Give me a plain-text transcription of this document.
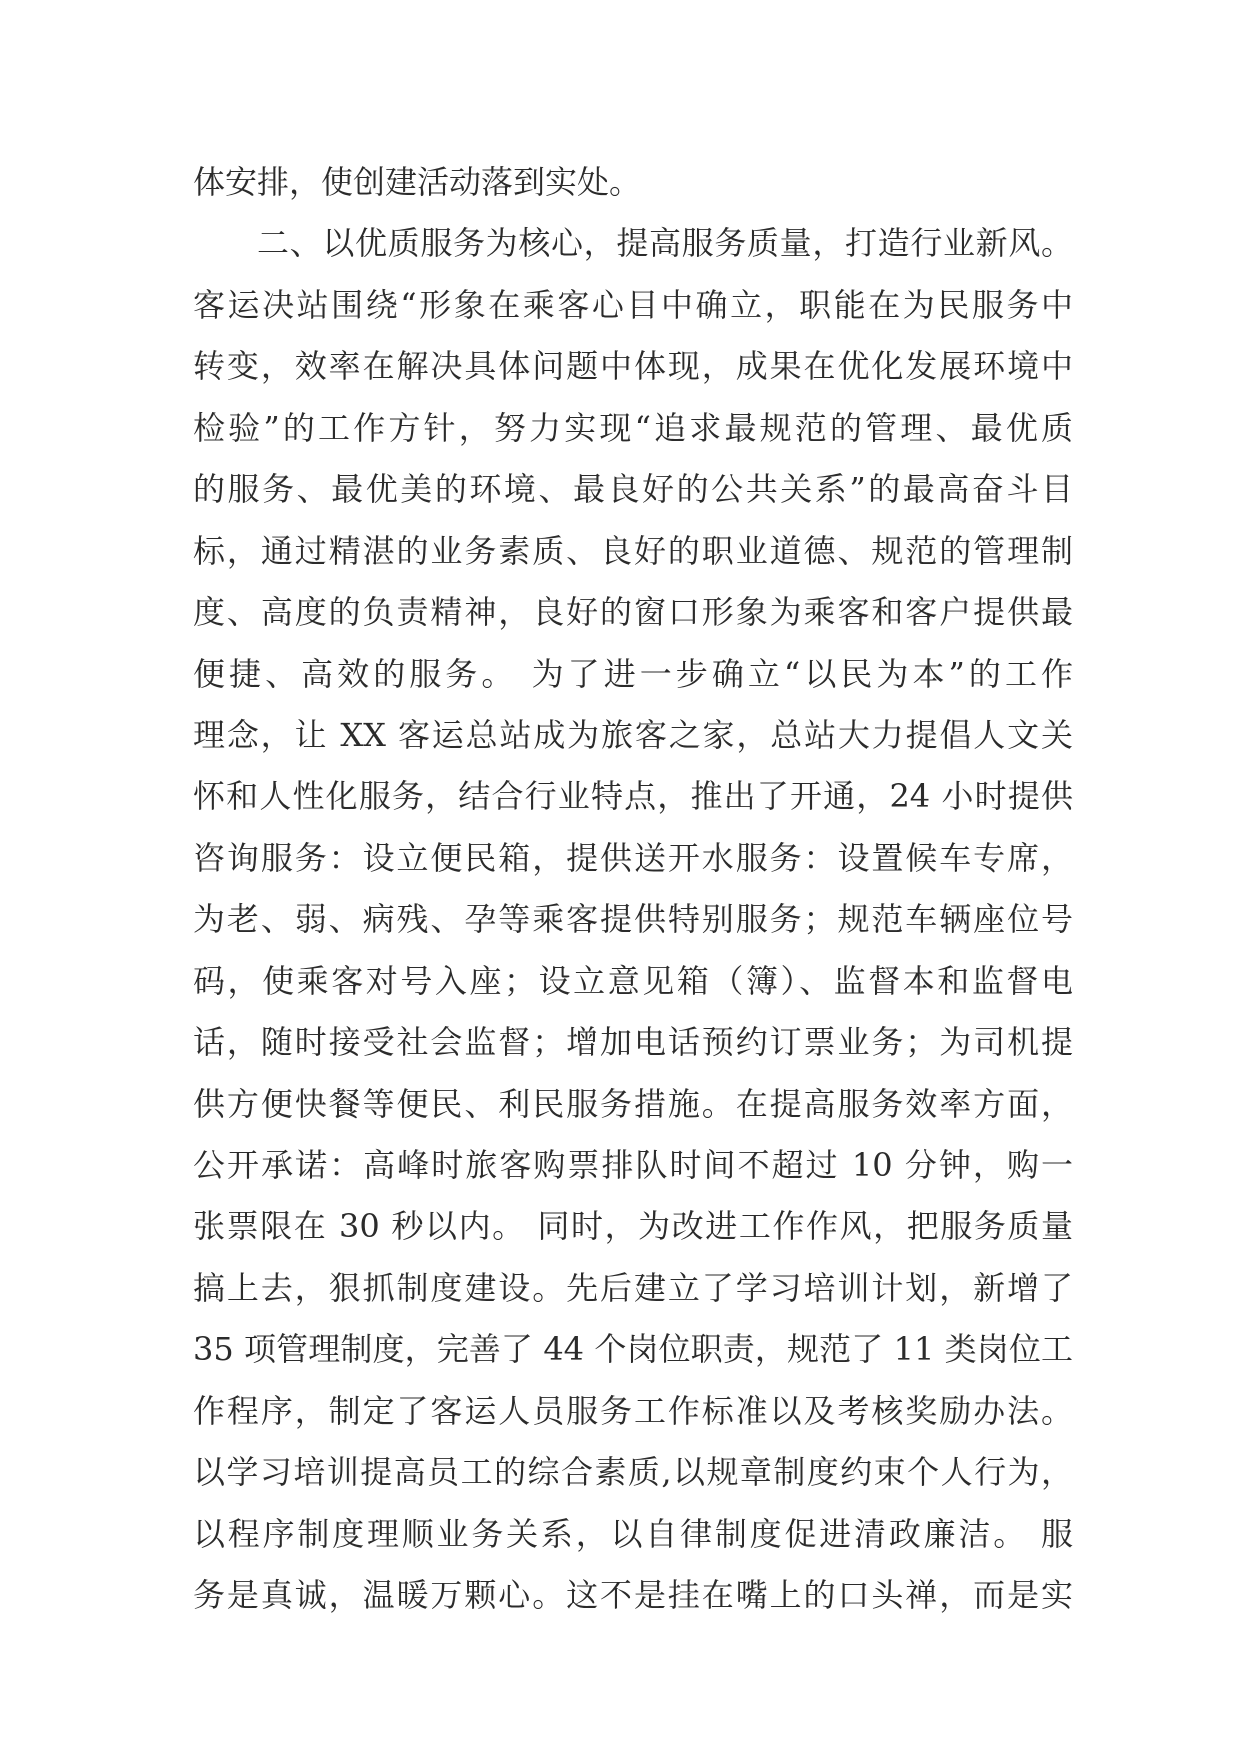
体安排，使创建活动落到实处。
二、以优质服务为核心，提高服务质量，打造行业新风。
客运决站围绕“形象在乘客心目中确立，职能在为民服务中
转变，效率在解决具体问题中体现，成果在优化发展环境中
检验”的工作方针，努力实现“追求最规范的管理、最优质
的服务、最优美的环境、最良好的公共关系”的最高奋斗目
标，通过精湛的业务素质、良好的职业道德、规范的管理制
度、高度的负责精神，良好的窗口形象为乘客和客户提供最
便捷、高效的服务。 为了进一步确立“以民为本”的工作
理念，让 XX 客运总站成为旅客之家，总站大力提倡人文关
怀和人性化服务，结合行业特点，推出了开通，24 小时提供
咨询服务：设立便民箱，提供送开水服务：设置候车专席，
为老、弱、病残、孕等乘客提供特别服务；规范车辆座位号
码，使乘客对号入座；设立意见箱（簿）、监督本和监督电
话，随时接受社会监督；增加电话预约订票业务；为司机提
供方便快餐等便民、利民服务措施。在提高服务效率方面，
公开承诺：高峰时旅客购票排队时间不超过 10 分钟，购一
张票限在 30 秒以内。 同时，为改进工作作风，把服务质量
搞上去，狠抓制度建设。先后建立了学习培训计划，新增了
35 项管理制度，完善了 44 个岗位职责，规范了 11 类岗位工
作程序，制定了客运人员服务工作标准以及考核奖励办法。
以学习培训提高员工的综合素质,以规章制度约束个人行为，
以程序制度理顺业务关系，以自律制度促进清政廉洁。 服
务是真诚，温暖万颗心。这不是挂在嘴上的口头禅，而是实
